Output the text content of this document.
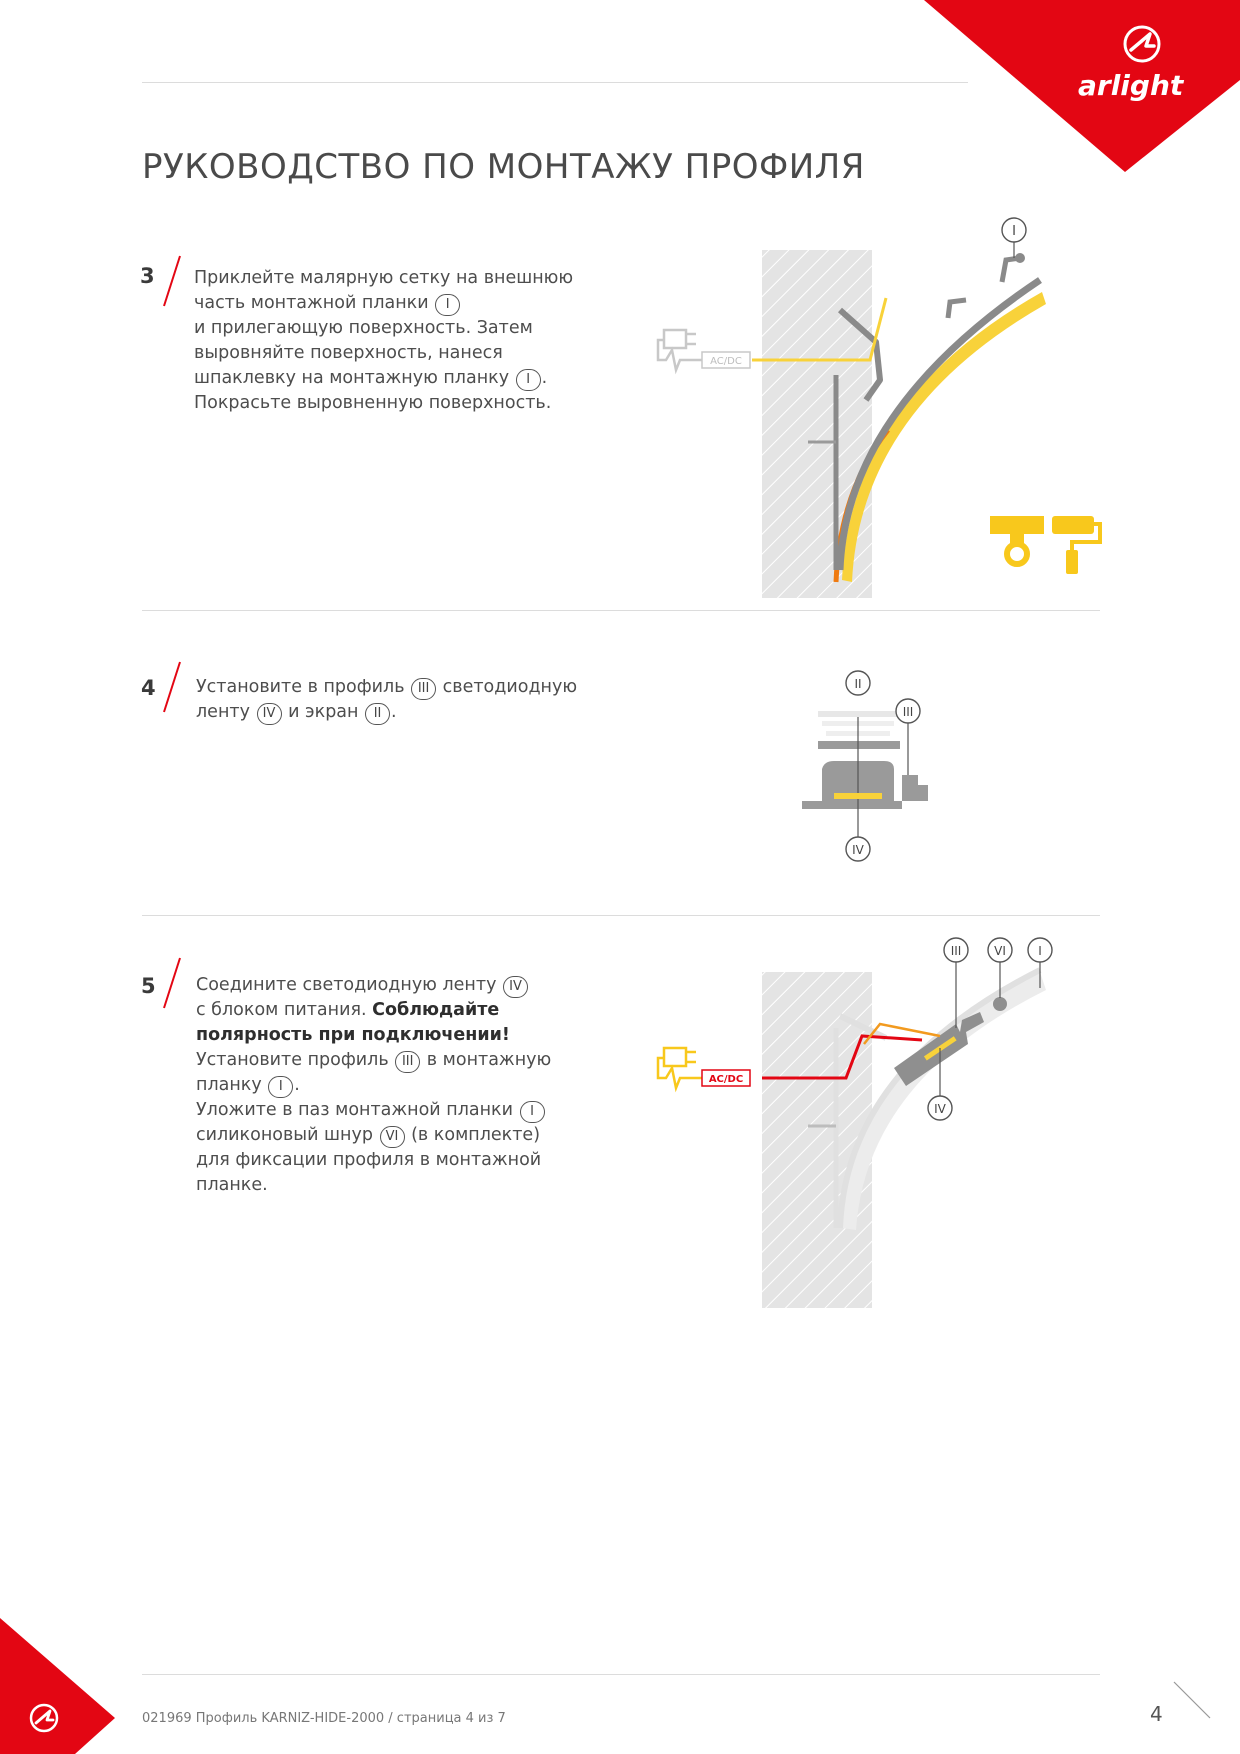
arlight
РУКОВОДСТВО ПО МОНТАЖУ ПРОФИЛЯ
3 Приклейте малярную сетку на внешнюю
часть монтажной планки I
и прилегающую поверхность. Затем
выровняйте поверхность, нанеся
шпаклевку на монтажную планку I .
Покрасьте выровненную поверхность.
AC/DC
I
4 Установите в профиль III светодиодную
ленту IV и экран II .
II
III
IV
5 Соедините светодиодную ленту IV
с блоком питания. Соблюдайте
полярность при подключении!
Установите профиль III в монтажную
планку I .
Уложите в паз монтажной планки I
силиконовый шнур VI (в комплекте)
для фиксации профиля в монтажной
планке.
AC/DC
III	VI	I
IV
021969 Профиль KARNIZ-HIDE-2000 / страница 4 из 7	4
